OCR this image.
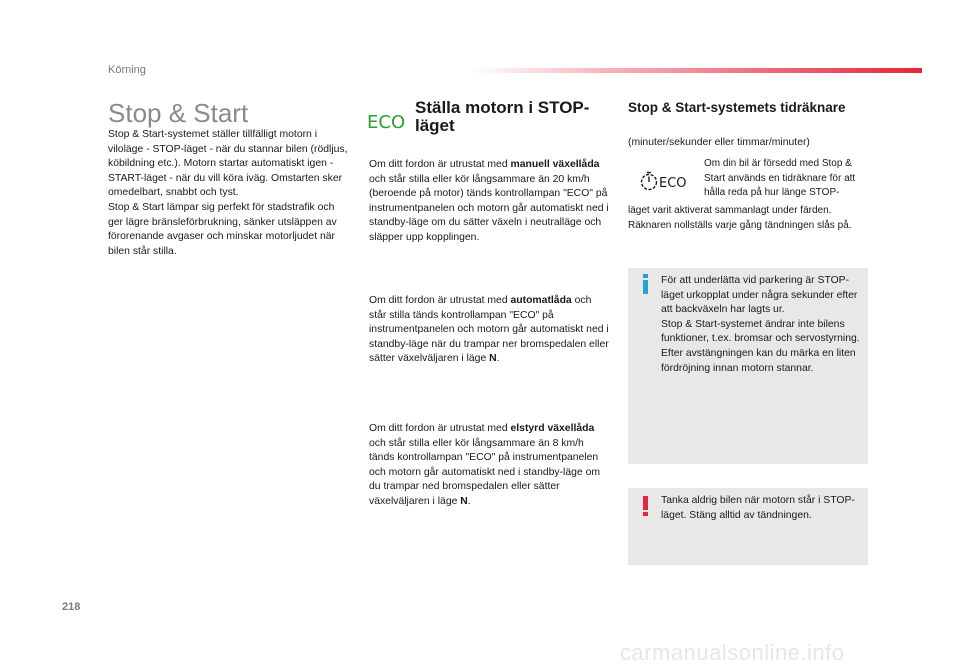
Körning
Stop & Start

Stop & Start-systemet ställer tillfälligt motorn i viloläge - STOP-läget - när du stannar bilen (rödljus, köbildning etc.). Motorn startar automatiskt igen - START-läget - när du vill köra iväg. Omstarten sker omedelbart, snabbt och tyst.

Stop & Start lämpar sig perfekt för stadstrafik och ger lägre bränsleförbrukning, sänker utsläppen av förorenande avgaser och minskar motorljudet när bilen står stilla.

ECO
Ställa motorn i STOP-läget

Om ditt fordon är utrustat med manuell växellåda och står stilla eller kör långsammare än 20 km/h (beroende på motor) tänds kontrollampan "ECO" på instrumentpanelen och motorn går automatiskt ned i standby-läge om du sätter växeln i neutralläge och släpper upp kopplingen.

Om ditt fordon är utrustat med automatlåda och står stilla tänds kontrollampan "ECO" på instrumentpanelen och motorn går automatiskt ned i standby-läge när du trampar ner bromspedalen eller sätter växelväljaren i läge N.

Om ditt fordon är utrustat med elstyrd växellåda och står stilla eller kör långsammare än 8 km/h tänds kontrollampan "ECO" på instrumentpanelen och motorn går automatiskt ned i standby-läge om du trampar ned bromspedalen eller sätter växelväljaren i läge N.

Stop & Start-systemets tidräknare
(minuter/sekunder eller timmar/minuter)
ECO

Om din bil är försedd med Stop & Start används en tidräknare för att hålla reda på hur länge STOP-

läget varit aktiverat sammanlagt under färden. Räknaren nollställs varje gång tändningen slås på.

För att underlätta vid parkering är STOP-läget urkopplat under några sekunder efter att backväxeln har lagts ur.
Stop & Start-systemet ändrar inte bilens funktioner, t.ex. bromsar och servostyrning.
Efter avstängningen kan du märka en liten fördröjning innan motorn stannar.

Tanka aldrig bilen när motorn står i STOP-läget. Stäng alltid av tändningen.

218
carmanualsonline.info
